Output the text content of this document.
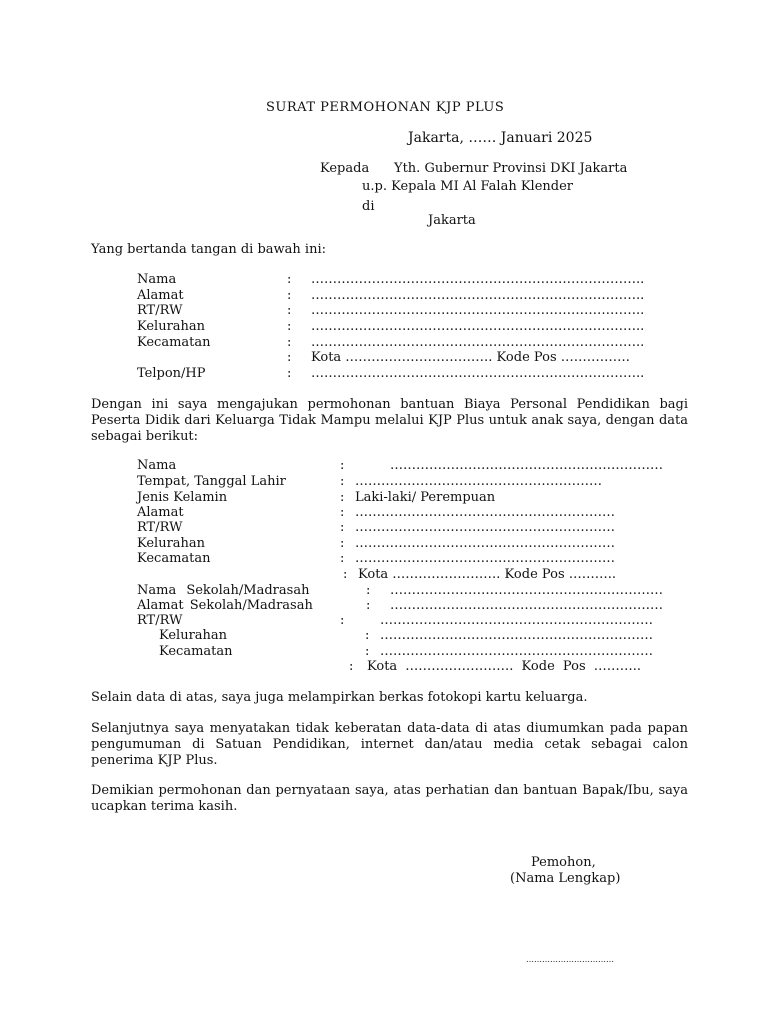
SURAT PERMOHONAN KJP PLUS
Jakarta, …… Januari 2025
Kepada Yth. Gubernur Provinsi DKI Jakarta
u.p. Kepala MI Al Falah Klender
di
Jakarta
Yang bertanda tangan di bawah ini:
Nama	: …………………………………………………………………..
Alamat	: …………………………………………………………………..
RT/RW	: …………………………………………………………………..
Kelurahan	: …………………………………………………………………..
Kecamatan	: …………………………………………………………………..
: Kota ……………………………. Kode Pos …………….
Telpon/HP	: …………………………………………………………………..
Dengan ini saya mengajukan permohonan bantuan Biaya Personal Pendidikan bagi Peserta Didik dari Keluarga Tidak Mampu melalui KJP Plus untuk anak saya, dengan data sebagai berikut:
Nama	:	………………………………………………………
Tempat, Tanggal Lahir	: …………………………………………………
Jenis Kelamin	: Laki-laki/ Perempuan
Alamat	: ……………………………………………………
RT/RW	: ……………………………………………………
Kelurahan	: ……………………………………………………
Kecamatan	: ……………………………………………………
: Kota ……………………. Kode Pos ………..
Nama Sekolah/Madrasah	: ………………………………………………………
Alamat Sekolah/Madrasah	: ………………………………………………………
RT/RW	:	………………………………………………………
Kelurahan	: ………………………………………………………
Kecamatan	: ………………………………………………………
: Kota ……………………. Kode Pos ………..
Selain data di atas, saya juga melampirkan berkas fotokopi kartu keluarga.
Selanjutnya saya menyatakan tidak keberatan data-data di atas diumumkan pada papan pengumuman di Satuan Pendidikan, internet dan/atau media cetak sebagai calon penerima KJP Plus.
Demikian permohonan dan pernyataan saya, atas perhatian dan bantuan Bapak/Ibu, saya ucapkan terima kasih.
Pemohon,
(Nama Lengkap)
……………………………
